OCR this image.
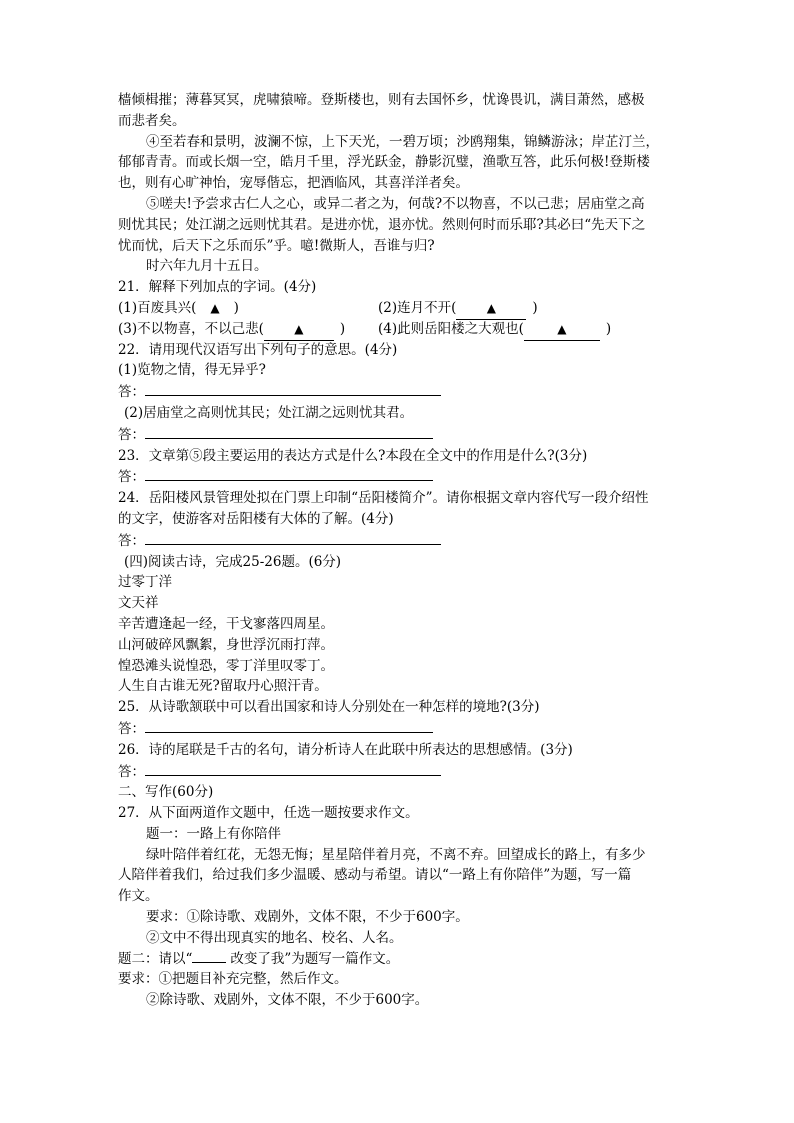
樯倾楫摧；薄暮冥冥，虎啸猿啼。登斯楼也，则有去国怀乡，忧谗畏讥，满目萧然，感极
而悲者矣。
④至若春和景明，波澜不惊，上下天光，一碧万顷；沙鸥翔集，锦鳞游泳；岸芷汀兰，
郁郁青青。而或长烟一空，皓月千里，浮光跃金，静影沉璧，渔歌互答，此乐何极!登斯楼
也，则有心旷神怡，宠辱偕忘，把酒临风，其喜洋洋者矣。
⑤嗟夫!予尝求古仁人之心，或异二者之为，何哉?不以物喜，不以己悲；居庙堂之高
则忧其民；处江湖之远则忧其君。是进亦忧，退亦忧。然则何时而乐耶?其必曰“先天下之
忧而忧，后天下之乐而乐”乎。噫!微斯人，吾谁与归?
时六年九月十五日。
21．解释下列加点的字词。(4分)
(1)百废具兴( ▲ )	(2)连月不开(	▲	)
(3)不以物喜，不以己悲(	▲	) (4)此则岳阳楼之大观也(	▲	)
22．请用现代汉语写出下列句子的意思。(4分)
(1)览物之情，得无异乎?
答：
(2)居庙堂之高则忧其民；处江湖之远则忧其君。
答：
23．文章第⑤段主要运用的表达方式是什么?本段在全文中的作用是什么?(3分)
答：
24．岳阳楼风景管理处拟在门票上印制“岳阳楼简介”。请你根据文章内容代写一段介绍性
的文字，使游客对岳阳楼有大体的了解。(4分)
答：
(四)阅读古诗，完成25-26题。(6分)
过零丁洋
文天祥
辛苦遭逢起一经，干戈寥落四周星。
山河破碎风飘絮，身世浮沉雨打萍。
惶恐滩头说惶恐，零丁洋里叹零丁。
人生自古谁无死?留取丹心照汗青。
25．从诗歌颔联中可以看出国家和诗人分别处在一种怎样的境地?(3分)
答：
26．诗的尾联是千古的名句，请分析诗人在此联中所表达的思想感情。(3分)
答：
二、写作(60分)
27．从下面两道作文题中，任选一题按要求作文。
题一：一路上有你陪伴
绿叶陪伴着红花，无怨无悔；星星陪伴着月亮，不离不弃。回望成长的路上，有多少
人陪伴着我们，给过我们多少温暖、感动与希望。请以“一路上有你陪伴”为题，写一篇
作文。
要求：①除诗歌、戏剧外，文体不限，不少于600字。
②文中不得出现真实的地名、校名、人名。
题二：请以“	改变了我”为题写一篇作文。
要求：①把题目补充完整，然后作文。
②除诗歌、戏剧外，文体不限，不少于600字。
